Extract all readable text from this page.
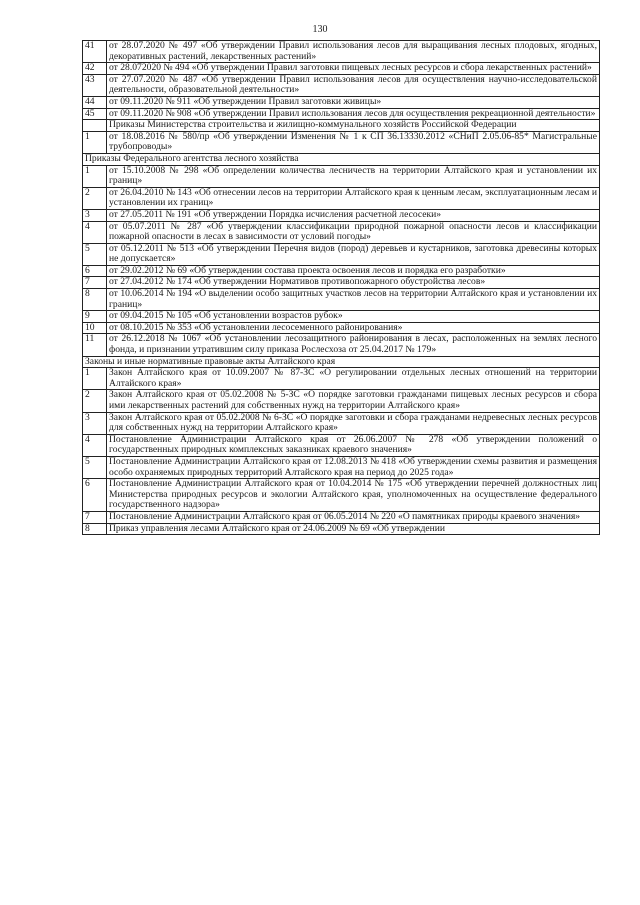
130
41	от 28.07.2020 № 497 «Об утверждении Правил использования лесов для выращивания лесных плодовых, ягодных, декоративных растений, лекарственных растений»
42	от 28.072020 № 494 «Об утверждении Правил заготовки пищевых лесных ресурсов и сбора лекарственных растений»
43	от 27.07.2020 № 487 «Об утверждении Правил использования лесов для осуществления научно-исследовательской деятельности, образовательной деятельности»
44	от 09.11.2020 № 911 «Об утверждении Правил заготовки живицы»
45	от 09.11.2020 № 908 «Об утверждении Правил использования лесов для осуществления рекреационной деятельности»
	Приказы Министерства строительства и жилищно-коммунального хозяйств Российской Федерации
1	от 18.08.2016 № 580/пр «Об утверждении Изменения № 1 к СП 36.13330.2012 «СНиП 2.05.06-85* Магистральные трубопроводы»
Приказы Федерального агентства лесного хозяйства	
1	от 15.10.2008 № 298 «Об определении количества лесничеств на территории Алтайского края и установлении их границ»
2	от 26.04.2010 № 143 «Об отнесении лесов на территории Алтайского края к ценным лесам, эксплуатационным лесам и установлении их границ»
3	от 27.05.2011 № 191 «Об утверждении Порядка исчисления расчетной лесосеки»
4	от 05.07.2011 № 287 «Об утверждении классификации природной пожарной опасности лесов и классификации пожарной опасности в лесах в зависимости от условий погоды»
5	от 05.12.2011 № 513 «Об утверждении Перечня видов (пород) деревьев и кустарников, заготовка древесины которых не допускается»
6	от 29.02.2012 № 69 «Об утверждении состава проекта освоения лесов и порядка его разработки»
7	от 27.04.2012 № 174 «Об утверждении Нормативов противопожарного обустройства лесов»
8	от 10.06.2014 № 194 «О выделении особо защитных участков лесов на территории Алтайского края и установлении их границ»
9	от 09.04.2015 № 105 «Об установлении возрастов рубок»
10	от 08.10.2015 № 353 «Об установлении лесосеменного районирования»
11	от 26.12.2018 № 1067 «Об установлении лесозащитного районирования в лесах, расположенных на землях лесного фонда, и признании утратившим силу приказа Рослесхоза от 25.04.2017 № 179»
Законы и иные нормативные правовые акты Алтайского края	
1	Закон Алтайского края от 10.09.2007 № 87-ЗС «О регулировании отдельных лесных отношений на территории Алтайского края»
2	Закон Алтайского края от 05.02.2008 № 5-ЗС «О порядке заготовки гражданами пищевых лесных ресурсов и сбора ими лекарственных растений для собственных нужд на территории Алтайского края»
3	Закон Алтайского края от 05.02.2008 № 6-ЗС «О порядке заготовки и сбора гражданами недревесных лесных ресурсов для собственных нужд на территории Алтайского края»
4	Постановление Администрации Алтайского края от 26.06.2007 № 278 «Об утверждении положений о государственных природных комплексных заказниках краевого значения»
5	Постановление Администрации Алтайского края от 12.08.2013 № 418 «Об утверждении схемы развития и размещения особо охраняемых природных территорий Алтайского края на период до 2025 года»
6	Постановление Администрации Алтайского края от 10.04.2014 № 175 «Об утверждении перечней должностных лиц Министерства природных ресурсов и экологии Алтайского края, уполномоченных на осуществление федерального государственного надзора»
7	Постановление Администрации Алтайского края от 06.05.2014 № 220 «О памятниках природы краевого значения»
8	Приказ управления лесами Алтайского края от 24.06.2009 № 69 «Об утверждении
